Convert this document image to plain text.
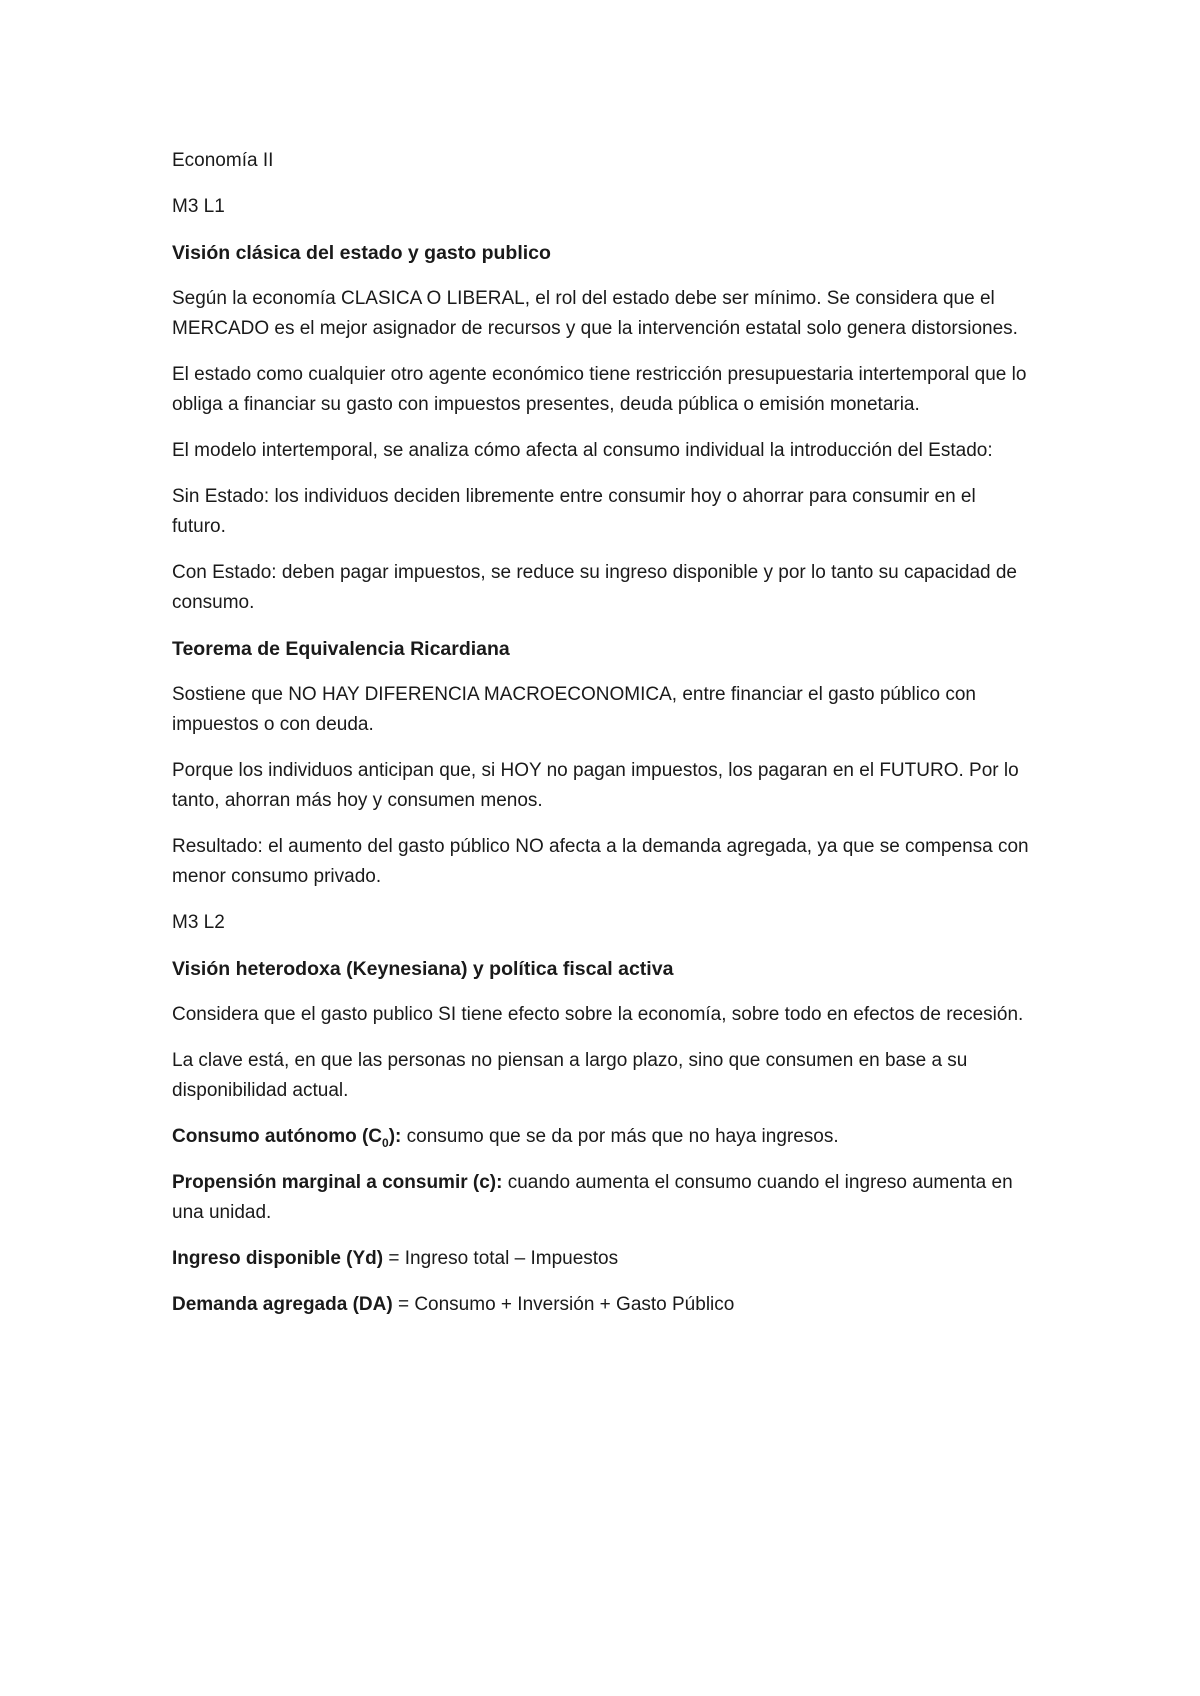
Economía II
M3 L1
Visión clásica del estado y gasto publico
Según la economía CLASICA O LIBERAL, el rol del estado debe ser mínimo. Se considera que el MERCADO es el mejor asignador de recursos y que la intervención estatal solo genera distorsiones.
El estado como cualquier otro agente económico tiene restricción presupuestaria intertemporal que lo obliga a financiar su gasto con impuestos presentes, deuda pública o emisión monetaria.
El modelo intertemporal, se analiza cómo afecta al consumo individual la introducción del Estado:
Sin Estado: los individuos deciden libremente entre consumir hoy o ahorrar para consumir en el futuro.
Con Estado: deben pagar impuestos, se reduce su ingreso disponible y por lo tanto su capacidad de consumo.
Teorema de Equivalencia Ricardiana
Sostiene que NO HAY DIFERENCIA MACROECONOMICA, entre financiar el gasto público con impuestos o con deuda.
Porque los individuos anticipan que, si HOY no pagan impuestos, los pagaran en el FUTURO. Por lo tanto, ahorran más hoy y consumen menos.
Resultado: el aumento del gasto público NO afecta a la demanda agregada, ya que se compensa con menor consumo privado.
M3 L2
Visión heterodoxa (Keynesiana) y política fiscal activa
Considera que el gasto publico SI tiene efecto sobre la economía, sobre todo en efectos de recesión.
La clave está, en que las personas no piensan a largo plazo, sino que consumen en base a su disponibilidad actual.
Consumo autónomo $(C_0)$: consumo que se da por más que no haya ingresos.
Propensión marginal a consumir (c): cuando aumenta el consumo cuando el ingreso aumenta en una unidad.
Ingreso disponible (Yd) = Ingreso total – Impuestos
Demanda agregada (DA) = Consumo + Inversión + Gasto Público
